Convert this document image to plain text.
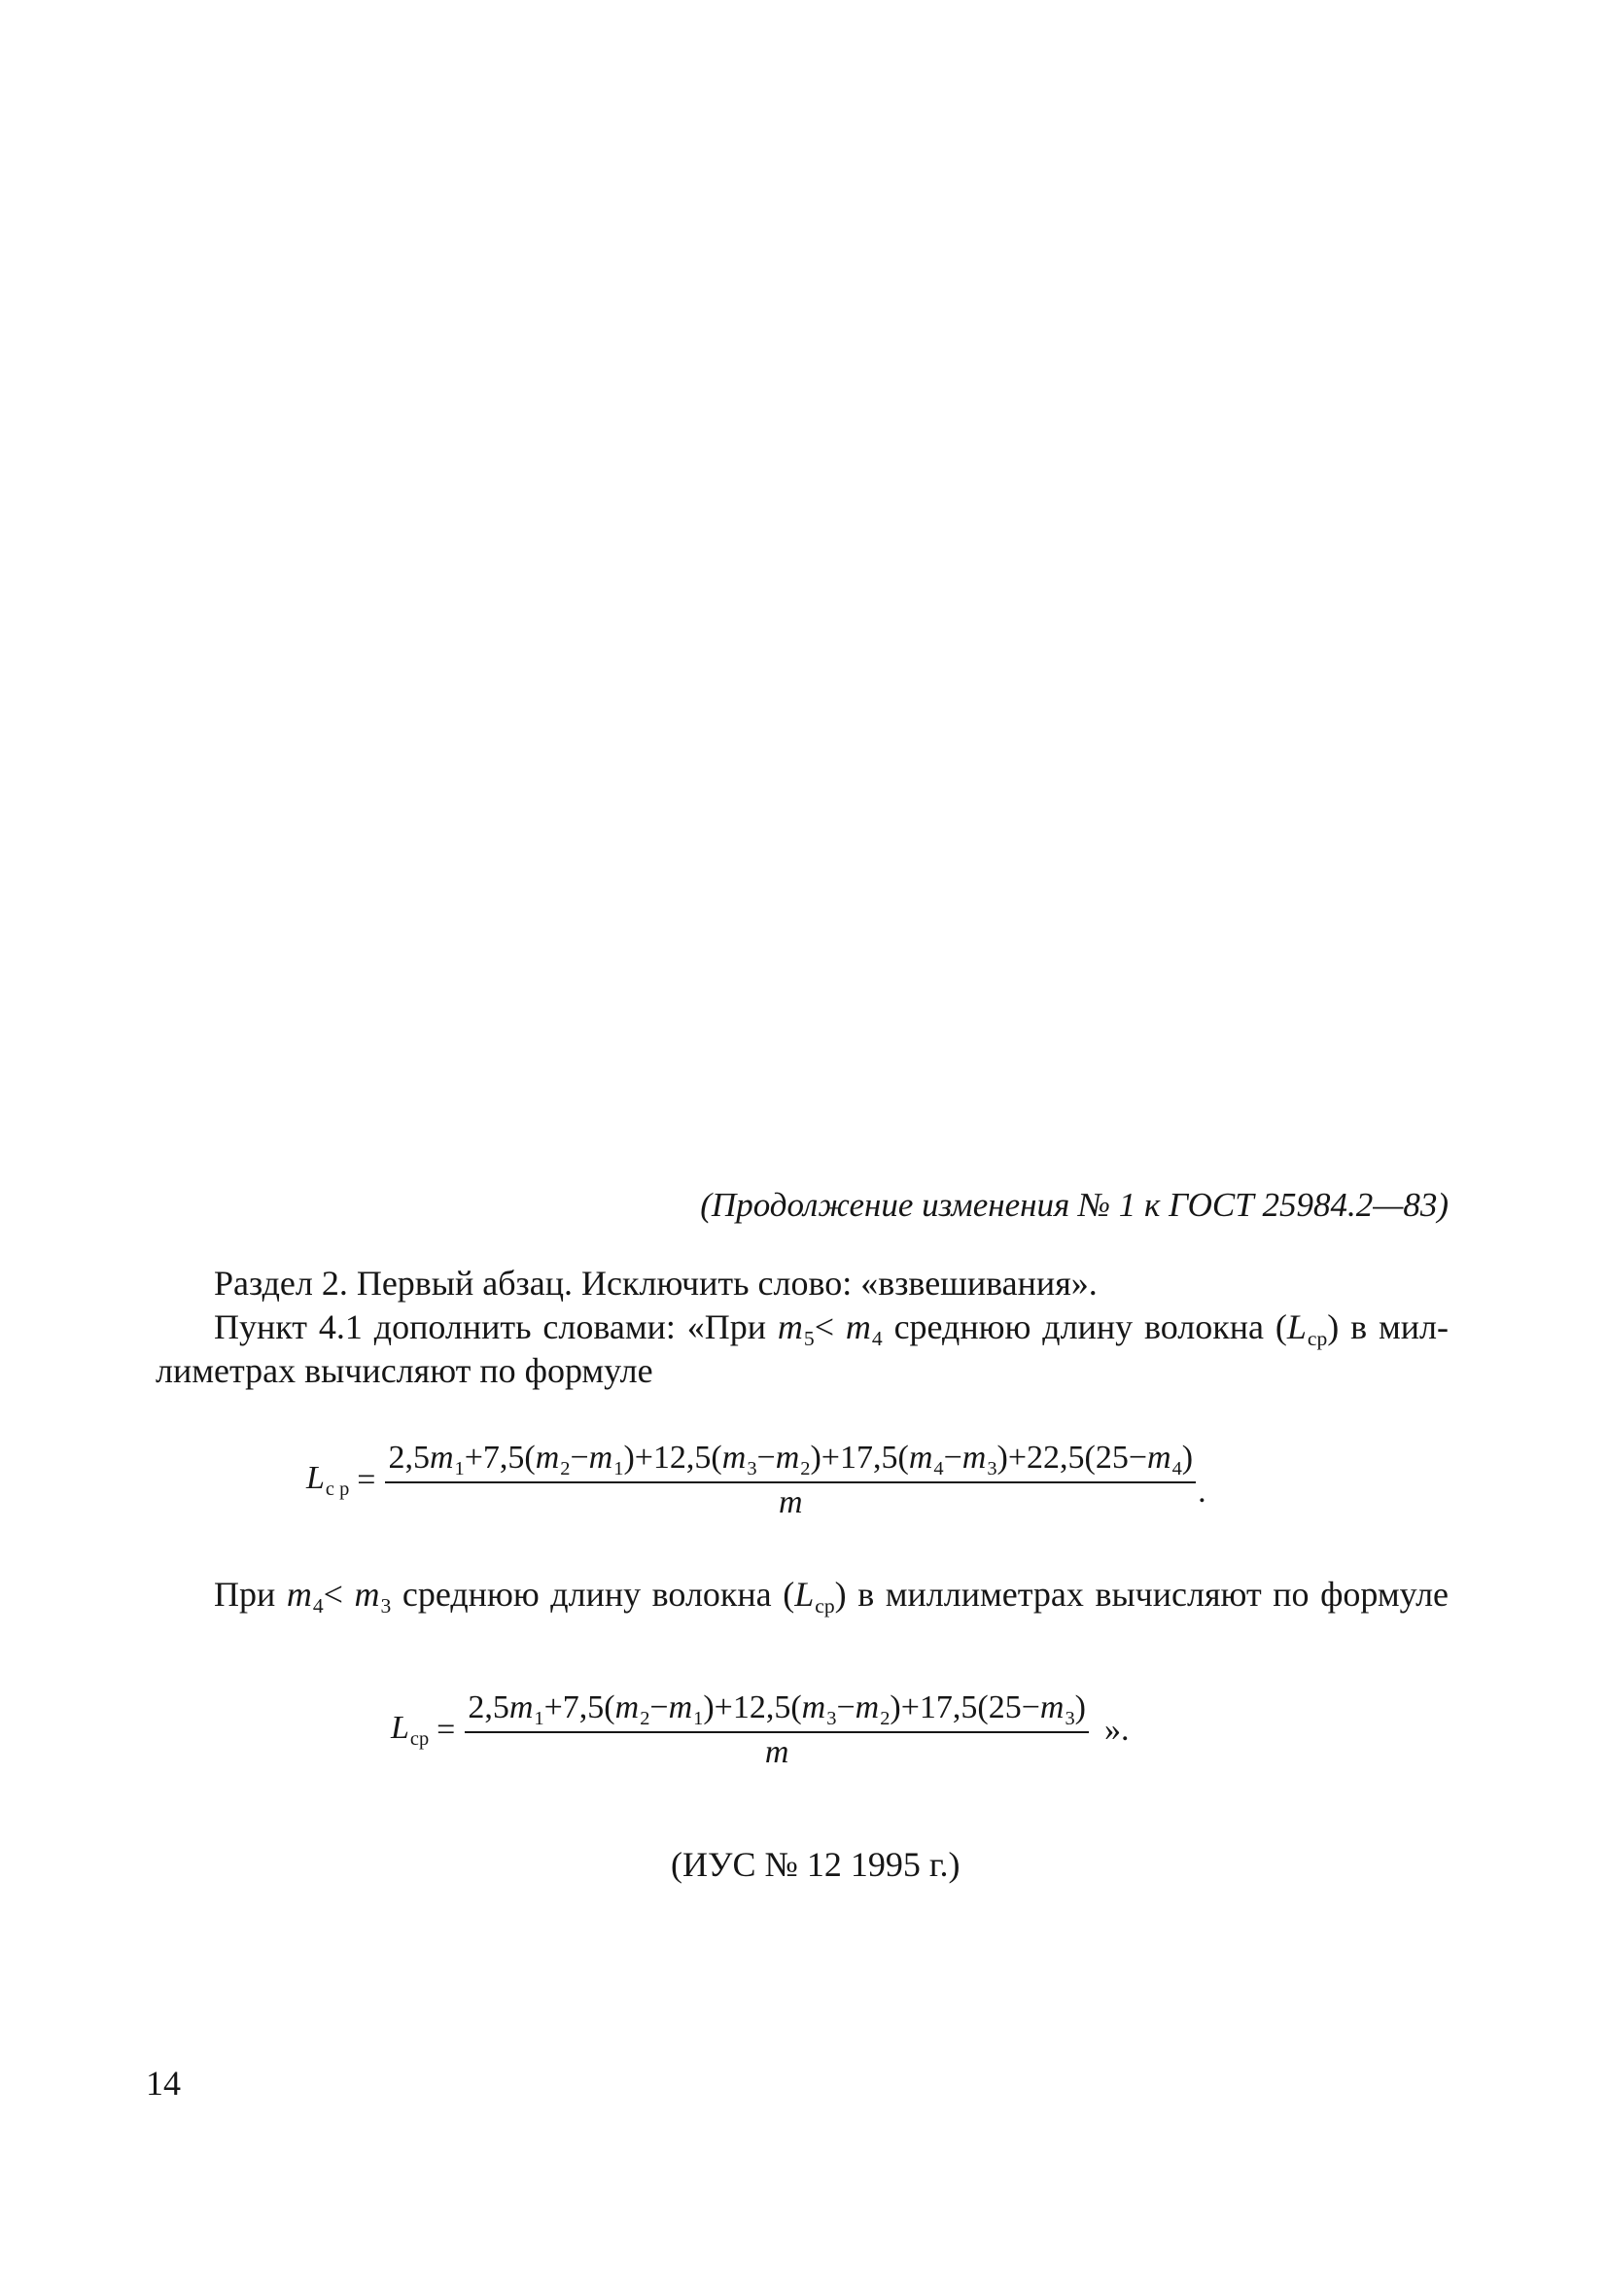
(Продолжение изменения № 1 к ГОСТ 25984.2—83)
Раздел 2. Первый абзац. Исключить слово: «взвешивания».
Пункт 4.1 дополнить словами: «При m5< m4 среднюю длину волокна (Lср) в мил-
лиметрах вычисляют по формуле
Lс $р = \frac{2,5m1+7,5(m2-m1)+12,5(m3-m2)+17,5(m4-m3)+22,5(25-m4)}{m}$ .
При m4< m3 среднюю длину волокна (Lср) в миллиметрах вычисляют по формуле
Lср = $\frac{2,5m1+7,5(m2-m1)+12,5(m3-m2)+17,5(25-m3)}{m}$ ».
(ИУС № 12 1995 г.)
14
